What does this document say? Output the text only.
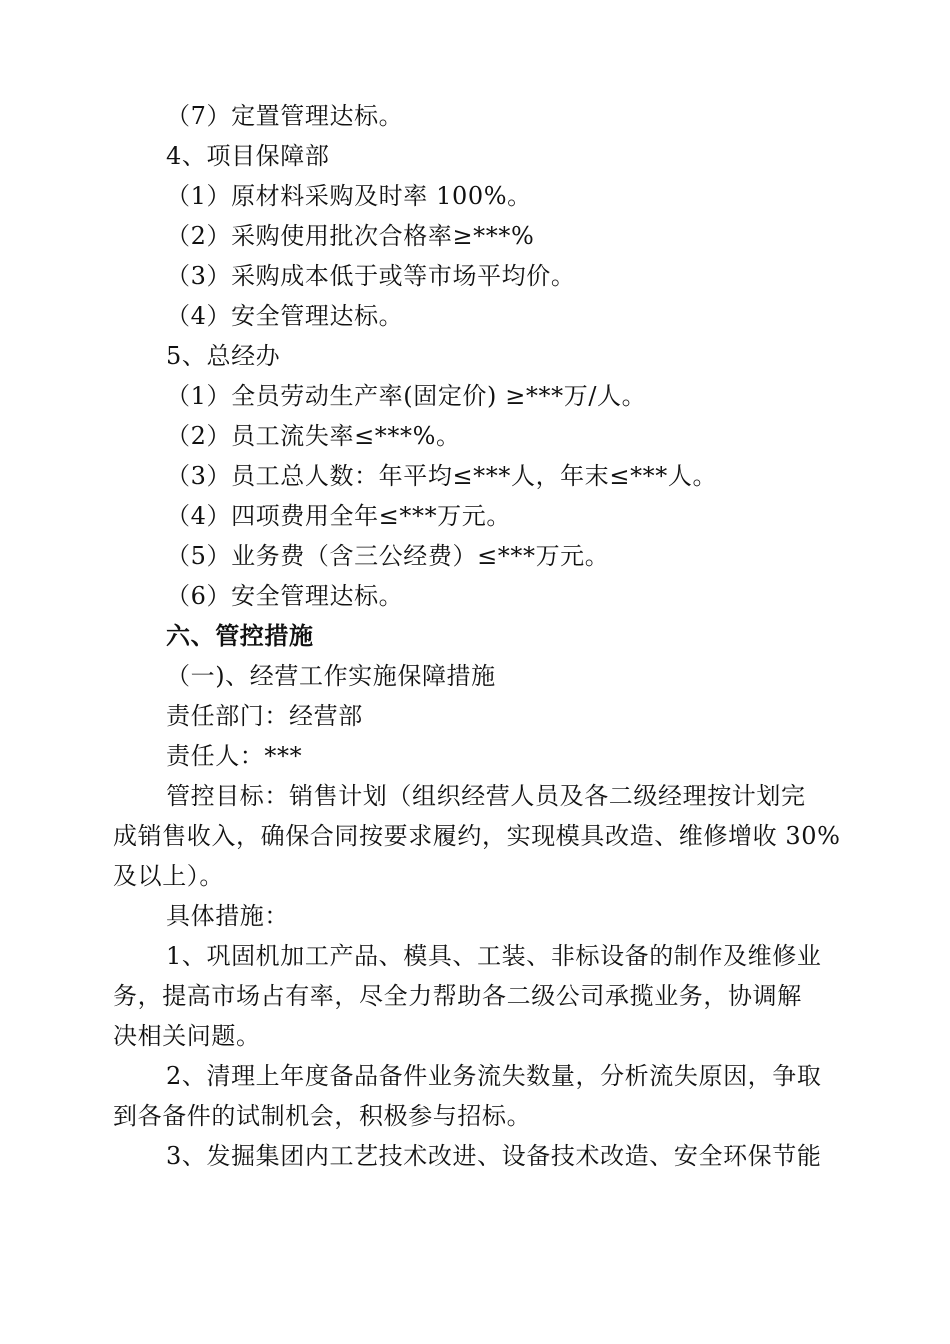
（7）定置管理达标。
4、项目保障部
（1）原材料采购及时率 100%。
（2）采购使用批次合格率≥***%
（3）采购成本低于或等市场平均价。
（4）安全管理达标。
5、总经办
（1）全员劳动生产率(固定价) ≥***万/人。
（2）员工流失率≤***%。
（3）员工总人数：年平均≤***人，年末≤***人。
（4）四项费用全年≤***万元。
（5）业务费（含三公经费）≤***万元。
（6）安全管理达标。
六、管控措施
（一)、经营工作实施保障措施
责任部门：经营部
责任人：***
管控目标：销售计划（组织经营人员及各二级经理按计划完
成销售收入，确保合同按要求履约，实现模具改造、维修增收 30%
及以上）。
具体措施：
1、巩固机加工产品、模具、工装、非标设备的制作及维修业
务，提高市场占有率，尽全力帮助各二级公司承揽业务，协调解
决相关问题。
2、清理上年度备品备件业务流失数量，分析流失原因，争取
到各备件的试制机会，积极参与招标。
3、发掘集团内工艺技术改进、设备技术改造、安全环保节能
